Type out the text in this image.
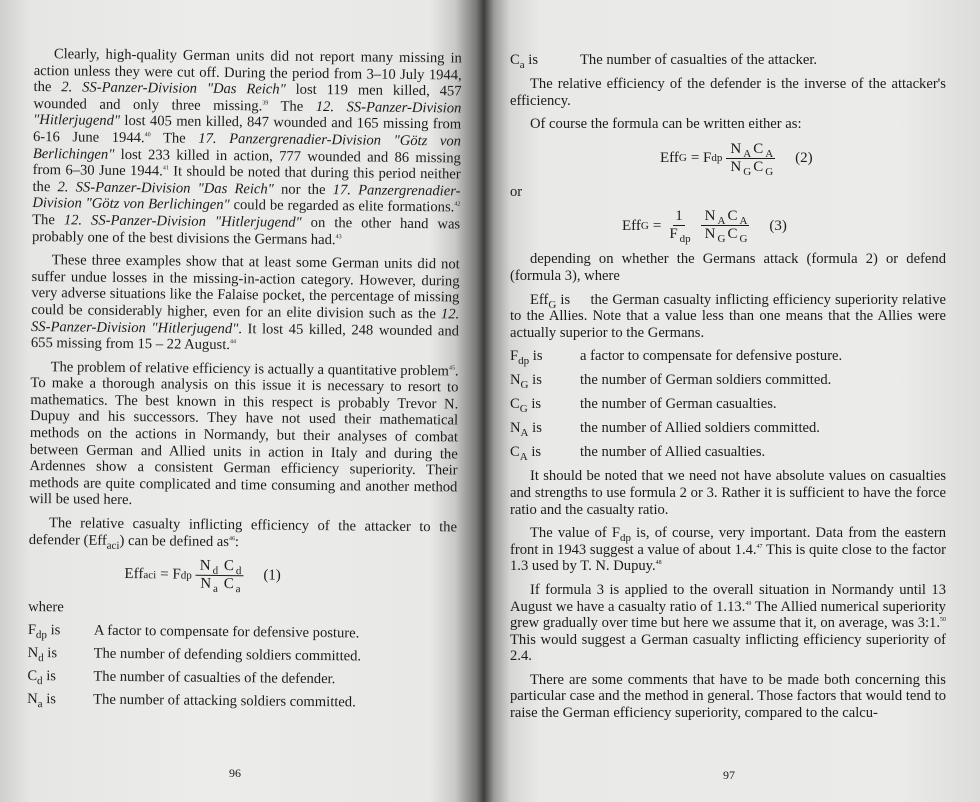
Clearly, high-quality German units did not report many missing in action unless they were cut off. During the period from 3–10 July 1944, the 2. SS-Panzer-Division "Das Reich" lost 119 men killed, 457 wounded and only three missing.$^{39}$ The 12. SS-Panzer-Division "Hitlerjugend" lost 405 men killed, 847 wounded and 165 missing from 6-16 June 1944.40 The 17. Panzergrenadier-Division "Götz von Berlichingen" lost 233 killed in action, 777 wounded and 86 missing from 6–30 June 1944.41 It should be noted that during this period neither the 2. SS-Panzer-Division "Das Reich" nor the 17. Panzergrenadier-Division "Götz von Berlichingen" could be regarded as elite formations.$^{42}$ The 12. SS-Panzer-Division "Hitlerjugend" on the other hand was probably one of the best divisions the Germans had.$^{43}$

These three examples show that at least some German units did not suffer undue losses in the missing-in-action category. However, during very adverse situations like the Falaise pocket, the percentage of missing could be considerably higher, even for an elite division such as the 12. SS-Panzer-Division "Hitlerjugend". It lost 45 killed, 248 wounded and 655 missing from 15 – 22 August.$^{44}$

The problem of relative efficiency is actually a quantitative problem$^{45}$. To make a thorough analysis on this issue it is necessary to resort to mathematics. The best known in this respect is probably Trevor N. Dupuy and his successors. They have not used their mathematical methods on the actions in Normandy, but their analyses of combat between German and Allied units in action in Italy and during the Ardennes show a consistent German efficiency superiority. Their methods are quite complicated and time consuming and another method will be used here.

The relative casualty inflicting efficiency of the attacker to the defender (Eff$_{aci}$) can be defined $as^{46}$:

Eff aci = F dp $\frac{N _d C _d}{N _a C _a} (1)$
where
$F_{dp}$ is	A factor to compensate for defensive posture.
$N_d$ is	The number of defending soldiers committed.
$C_d$ is	The number of casualties of the defender.
$N_a$ is	The number of attacking soldiers committed.
96
$C_a$ is	The number of casualties of the attacker.

The relative efficiency of the defender is the inverse of the attacker's efficiency.

Of course the formula can be written either as:

Eff G = F dp $\frac{N _A C _A}{N _G C _G} (2)$
or
Eff $G = \frac{1}{F _{dp}} \frac{N _A C _A}{N _G C _G} (3)$

depending on whether the Germans attack (formula 2) or defend (formula 3), where

Eff$_G$ is the German casualty inflicting efficiency superiority relative to the Allies. Note that a value less than one means that the Allies were actually superior to the Germans.

$F_{dp}$ is	a factor to compensate for defensive posture.
$N_G$ is	the number of German soldiers committed.
$C_G$ is	the number of German casualties.
$N_A$ is	the number of Allied soldiers committed.
$C_A$ is	the number of Allied casualties.

It should be noted that we need not have absolute values on casualties and strengths to use formula 2 or 3. Rather it is sufficient to have the force ratio and the casualty ratio.

The value of $F_{dp}$ is, of course, very important. Data from the eastern front in 1943 suggest a value of about 1.4.47 This is quite close to the factor 1.3 used by T. N. Dupuy.$^{48}$

If formula 3 is applied to the overall situation in Normandy until 13 August we have a casualty ratio of 1.13.49 The Allied numerical superiority grew gradually over time but here we assume that it, on average, was 3:1.50 This would suggest a German casualty inflicting efficiency superiority of 2.4.

There are some comments that have to be made both concerning this particular case and the method in general. Those factors that would tend to raise the German efficiency superiority, compared to the calcu-

97
